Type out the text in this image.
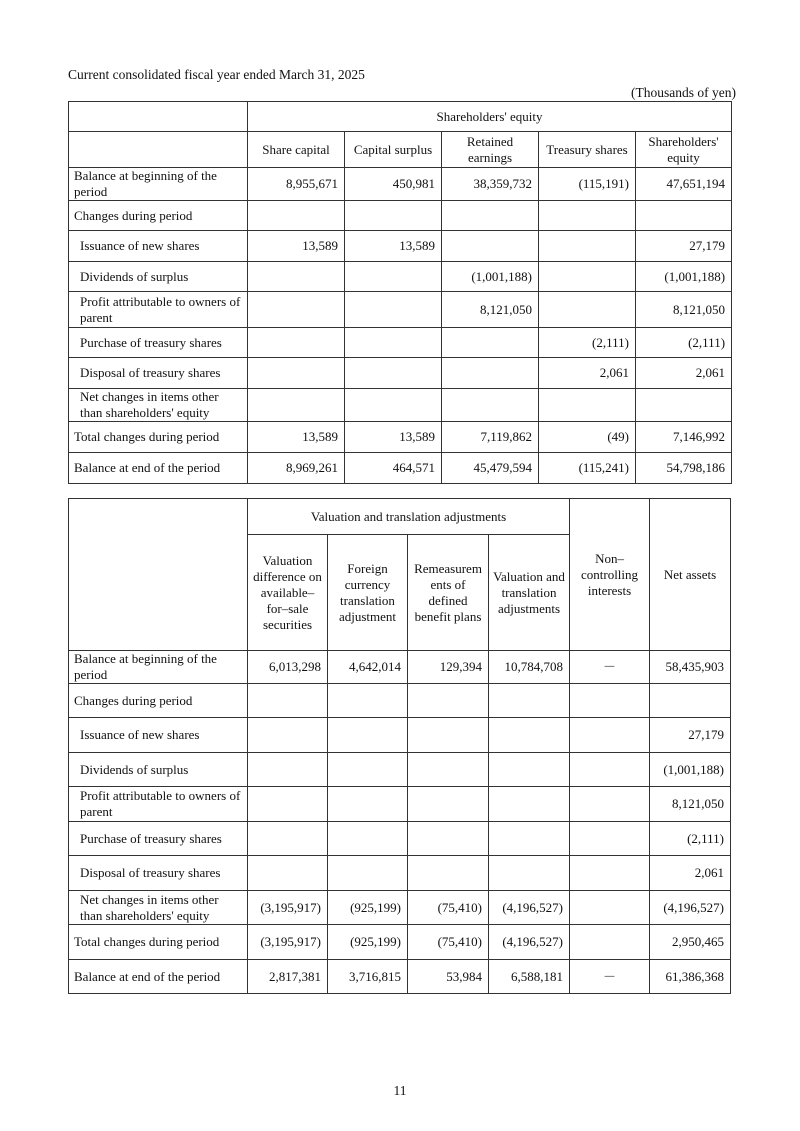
Current consolidated fiscal year ended March 31, 2025
(Thousands of yen)
	Shareholders' equity				
	Share capital	Capital surplus	Retained earnings	Treasury shares	Shareholders' equity
Balance at beginning of the period	8,955,671	450,981	38,359,732	(115,191)	47,651,194
Changes during period					
Issuance of new shares	13,589	13,589			27,179
Dividends of surplus			(1,001,188)		(1,001,188)
Profit attributable to owners of parent			8,121,050		8,121,050
Purchase of treasury shares				(2,111)	(2,111)
Disposal of treasury shares				2,061	2,061
Net changes in items other than shareholders' equity					
Total changes during period	13,589	13,589	7,119,862	(49)	7,146,992
Balance at end of the period	8,969,261	464,571	45,479,594	(115,241)	54,798,186
	Valuation and translation adjustments				Non–controlling interests	Net assets
	Valuation difference on available–for–sale securities	Foreign currency translation adjustment	Remeasurem ents of defined benefit plans	Valuation and translation adjustments		
Balance at beginning of the period	6,013,298	4,642,014	129,394	10,784,708	－	58,435,903
Changes during period						
Issuance of new shares						27,179
Dividends of surplus						(1,001,188)
Profit attributable to owners of parent						8,121,050
Purchase of treasury shares						(2,111)
Disposal of treasury shares						2,061
Net changes in items other than shareholders' equity	(3,195,917)	(925,199)	(75,410)	(4,196,527)		(4,196,527)
Total changes during period	(3,195,917)	(925,199)	(75,410)	(4,196,527)		2,950,465
Balance at end of the period	2,817,381	3,716,815	53,984	6,588,181	－	61,386,368
11
